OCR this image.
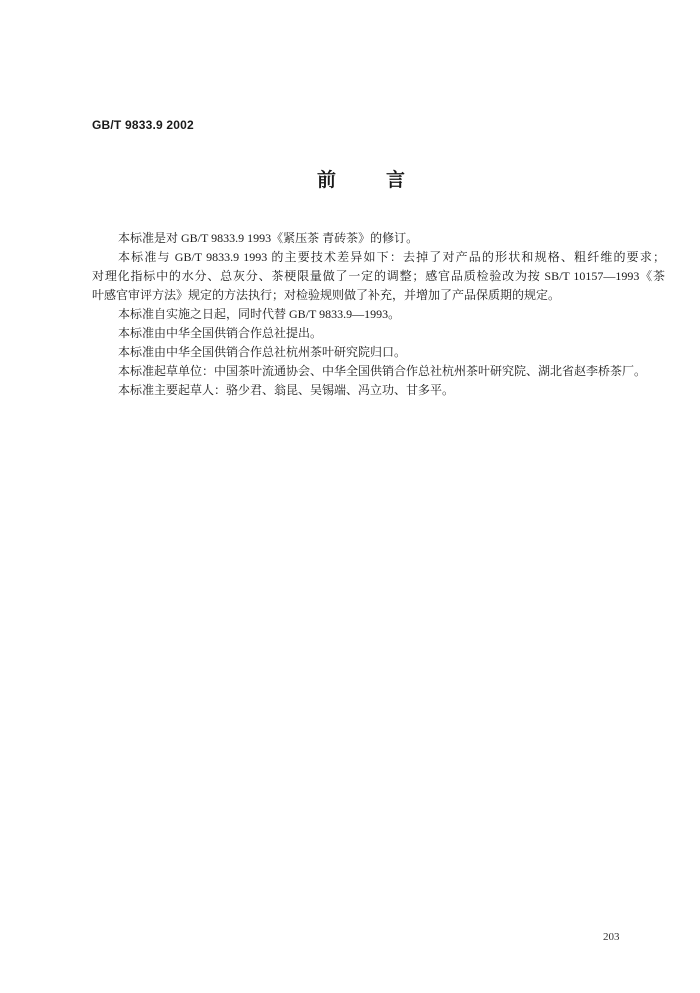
GB/T 9833.9 2002
前	言
本标准是对 GB/T 9833.9 1993《紧压茶 青砖茶》的修订。
本标准与 GB/T 9833.9 1993 的主要技术差异如下：去掉了对产品的形状和规格、粗纤维的要求；
对理化指标中的水分、总灰分、茶梗限量做了一定的调整；感官品质检验改为按 SB/T 10157—1993《茶
叶感官审评方法》规定的方法执行；对检验规则做了补充，并增加了产品保质期的规定。
本标准自实施之日起，同时代替 GB/T 9833.9—1993。
本标准由中华全国供销合作总社提出。
本标准由中华全国供销合作总社杭州茶叶研究院归口。
本标准起草单位：中国茶叶流通协会、中华全国供销合作总社杭州茶叶研究院、湖北省赵李桥茶厂。
本标准主要起草人：骆少君、翁昆、吴锡端、冯立功、甘多平。
203
